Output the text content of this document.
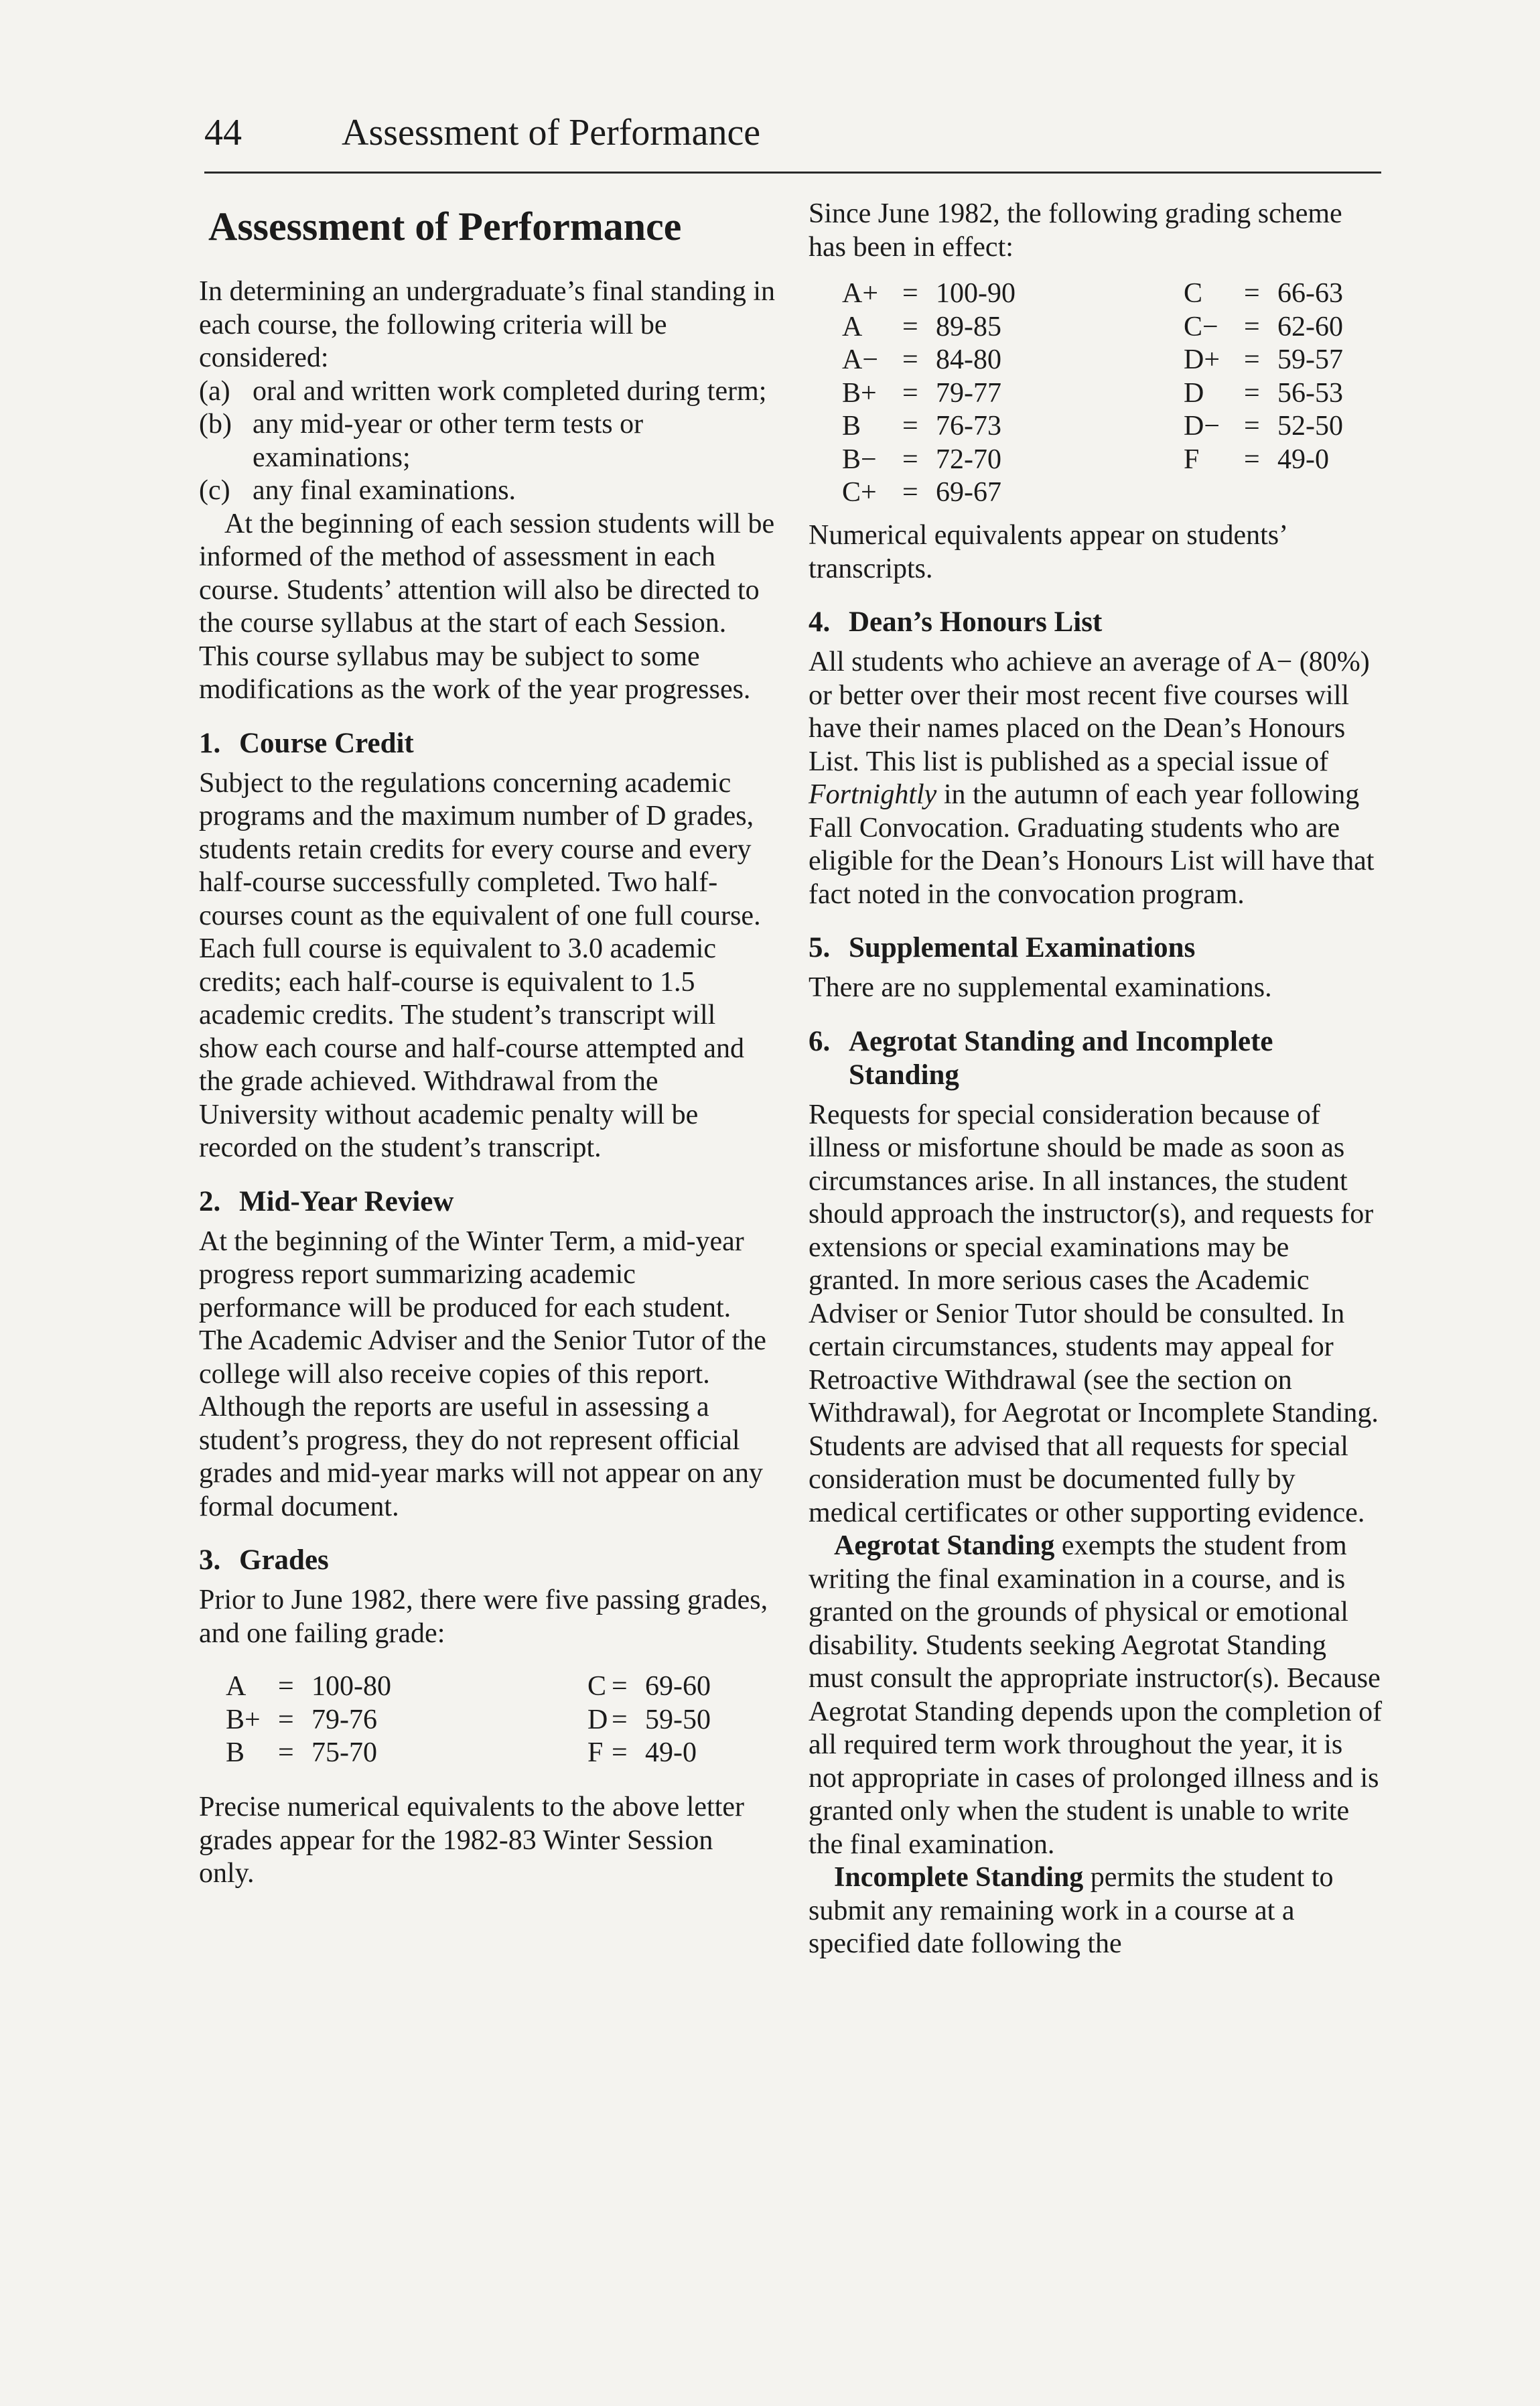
44	Assessment of Performance
Assessment of Performance

In determining an undergraduate’s final standing in each course, the following criteria will be considered:

(a) oral and written work completed during term;
(b) any mid-year or other term tests or examinations;
(c) any final examinations.

At the beginning of each session students will be informed of the method of assessment in each course. Students’ attention will also be directed to the course syllabus at the start of each Session. This course syllabus may be subject to some modifications as the work of the year progresses.

1. Course Credit

Subject to the regulations concerning academic programs and the maximum number of D grades, students retain credits for every course and every half-course successfully completed. Two half-courses count as the equivalent of one full course. Each full course is equivalent to 3.0 academic credits; each half-course is equivalent to 1.5 academic credits. The student’s transcript will show each course and half-course attempted and the grade achieved. Withdrawal from the University without academic penalty will be recorded on the student’s transcript.

2. Mid-Year Review

At the beginning of the Winter Term, a mid-year progress report summarizing academic performance will be produced for each student. The Academic Adviser and the Senior Tutor of the college will also receive copies of this report. Although the reports are useful in assessing a student’s progress, they do not represent official grades and mid-year marks will not appear on any formal document.

3. Grades

Prior to June 1982, there were five passing grades, and one failing grade:

A = 100-80
B+ = 79-76
B = 75-70
C = 69-60
D = 59-50
F = 49-0

Precise numerical equivalents to the above letter grades appear for the 1982-83 Winter Session only.

Since June 1982, the following grading scheme has been in effect:

A+ = 100-90
A = 89-85
A− = 84-80
B+ = 79-77
B = 76-73
B− = 72-70
C+ = 69-67
C = 66-63
C− = 62-60
D+ = 59-57
D = 56-53
D− = 52-50
F = 49-0

Numerical equivalents appear on students’ transcripts.

4. Dean’s Honours List

All students who achieve an average of A− (80%) or better over their most recent five courses will have their names placed on the Dean’s Honours List. This list is published as a special issue of Fortnightly in the autumn of each year following Fall Convocation. Graduating students who are eligible for the Dean’s Honours List will have that fact noted in the convocation program.

5. Supplemental Examinations

There are no supplemental examinations.

6. Aegrotat Standing and Incomplete
Standing

Requests for special consideration because of illness or misfortune should be made as soon as circumstances arise. In all instances, the student should approach the instructor(s), and requests for extensions or special examinations may be granted. In more serious cases the Academic Adviser or Senior Tutor should be consulted. In certain circumstances, students may appeal for Retroactive Withdrawal (see the section on Withdrawal), for Aegrotat or Incomplete Standing. Students are advised that all requests for special consideration must be documented fully by medical certificates or other supporting evidence.

Aegrotat Standing exempts the student from writing the final examination in a course, and is granted on the grounds of physical or emotional disability. Students seeking Aegrotat Standing must consult the appropriate instructor(s). Because Aegrotat Standing depends upon the completion of all required term work throughout the year, it is not appropriate in cases of prolonged illness and is granted only when the student is unable to write the final examination.

Incomplete Standing permits the student to submit any remaining work in a course at a specified date following the
